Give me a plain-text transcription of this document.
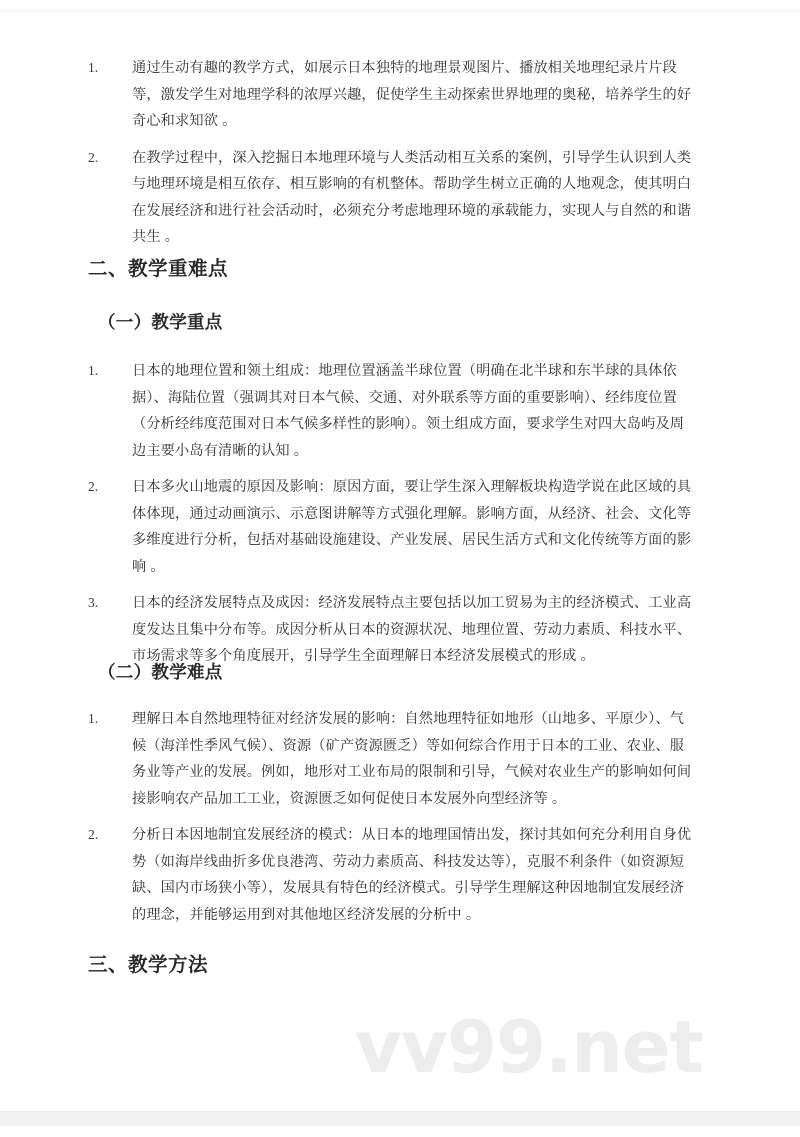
1.	通过生动有趣的教学方式，如展示日本独特的地理景观图片、播放相关地理纪录片片段等，激发学生对地理学科的浓厚兴趣，促使学生主动探索世界地理的奥秘，培养学生的好奇心和求知欲 。
2.	在教学过程中，深入挖掘日本地理环境与人类活动相互关系的案例，引导学生认识到人类与地理环境是相互依存、相互影响的有机整体。帮助学生树立正确的人地观念，使其明白在发展经济和进行社会活动时，必须充分考虑地理环境的承载能力，实现人与自然的和谐共生 。
二、教学重难点
（一）教学重点
1.	日本的地理位置和领土组成：地理位置涵盖半球位置（明确在北半球和东半球的具体依据）、海陆位置（强调其对日本气候、交通、对外联系等方面的重要影响）、经纬度位置（分析经纬度范围对日本气候多样性的影响）。领土组成方面，要求学生对四大岛屿及周边主要小岛有清晰的认知 。
2.	日本多火山地震的原因及影响：原因方面，要让学生深入理解板块构造学说在此区域的具体体现，通过动画演示、示意图讲解等方式强化理解。影响方面，从经济、社会、文化等多维度进行分析，包括对基础设施建设、产业发展、居民生活方式和文化传统等方面的影响 。
3.	日本的经济发展特点及成因：经济发展特点主要包括以加工贸易为主的经济模式、工业高度发达且集中分布等。成因分析从日本的资源状况、地理位置、劳动力素质、科技水平、市场需求等多个角度展开，引导学生全面理解日本经济发展模式的形成 。
（二）教学难点
1.	理解日本自然地理特征对经济发展的影响：自然地理特征如地形（山地多、平原少）、气候（海洋性季风气候）、资源（矿产资源匮乏）等如何综合作用于日本的工业、农业、服务业等产业的发展。例如，地形对工业布局的限制和引导，气候对农业生产的影响如何间接影响农产品加工工业，资源匮乏如何促使日本发展外向型经济等 。
2.	分析日本因地制宜发展经济的模式：从日本的地理国情出发，探讨其如何充分利用自身优势（如海岸线曲折多优良港湾、劳动力素质高、科技发达等），克服不利条件（如资源短缺、国内市场狭小等），发展具有特色的经济模式。引导学生理解这种因地制宜发展经济的理念，并能够运用到对其他地区经济发展的分析中 。
三、教学方法
vv99.net
